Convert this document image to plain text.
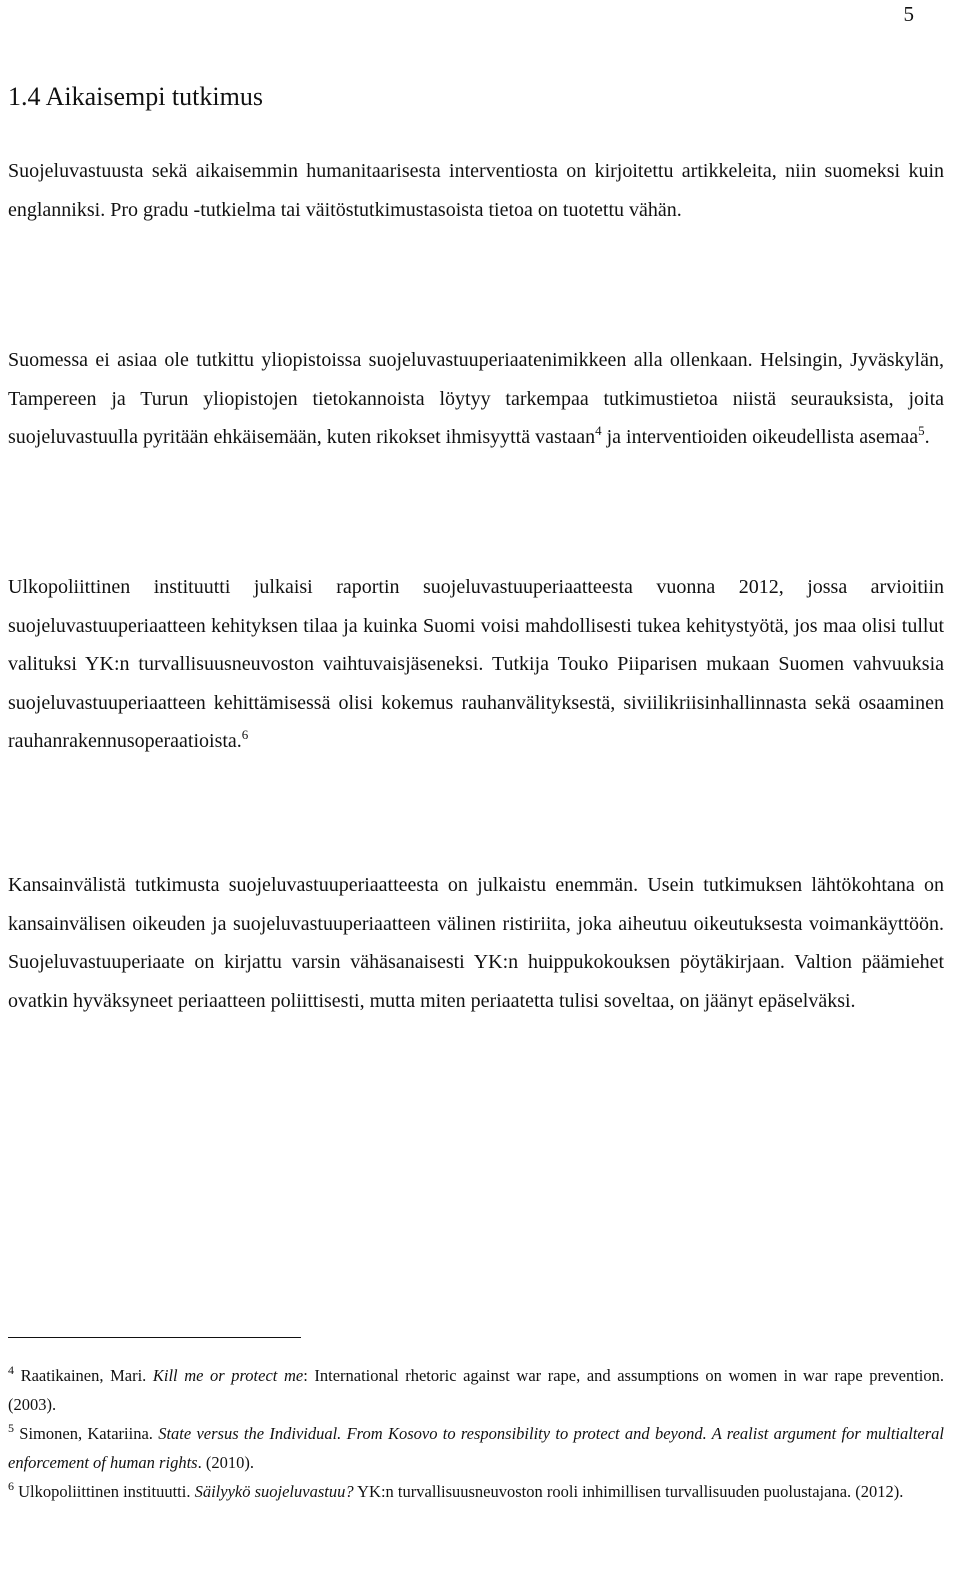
5
1.4 Aikaisempi tutkimus

Suojeluvastuusta sekä aikaisemmin humanitaarisesta interventiosta on kirjoitettu artikkeleita, niin suomeksi kuin englanniksi. Pro gradu -tutkielma tai väitöstutkimustasoista tietoa on tuotettu vähän.

Suomessa ei asiaa ole tutkittu yliopistoissa suojeluvastuuperiaatenimikkeen alla ollenkaan. Helsingin, Jyväskylän, Tampereen ja Turun yliopistojen tietokannoista löytyy tarkempaa tutkimustietoa niistä seurauksista, joita suojeluvastuulla pyritään ehkäisemään, kuten rikokset ihmisyyttä vastaan$^4$ ja interventioiden oikeudellista asemaa$^5$.

Ulkopoliittinen instituutti julkaisi raportin suojeluvastuuperiaatteesta vuonna 2012, jossa arvioitiin suojeluvastuuperiaatteen kehityksen tilaa ja kuinka Suomi voisi mahdollisesti tukea kehitystyötä, jos maa olisi tullut valituksi YK:n turvallisuusneuvoston vaihtuvaisjäseneksi. Tutkija Touko Piiparisen mukaan Suomen vahvuuksia suojeluvastuuperiaatteen kehittämisessä olisi kokemus rauhanvälityksestä, siviilikriisinhallinnasta sekä osaaminen rauhanrakennusoperaatioista.$^6$

Kansainvälistä tutkimusta suojeluvastuuperiaatteesta on julkaistu enemmän. Usein tutkimuksen lähtökohtana on kansainvälisen oikeuden ja suojeluvastuuperiaatteen välinen ristiriita, joka aiheutuu oikeutuksesta voimankäyttöön. Suojeluvastuuperiaate on kirjattu varsin vähäsanaisesti YK:n huippukokouksen pöytäkirjaan. Valtion päämiehet ovatkin hyväksyneet periaatteen poliittisesti, mutta miten periaatetta tulisi soveltaa, on jäänyt epäselväksi.

$^4$ Raatikainen, Mari. Kill me or protect me: International rhetoric against war rape, and assumptions on women in war rape prevention. (2003).

$^5$ Simonen, Katariina. State versus the Individual. From Kosovo to responsibility to protect and beyond. A realist argument for multialteral enforcement of human rights. (2010).

$^6$ Ulkopoliittinen instituutti. Säilyykö suojeluvastuu? YK:n turvallisuusneuvoston rooli inhimillisen turvallisuuden puolustajana. (2012).
